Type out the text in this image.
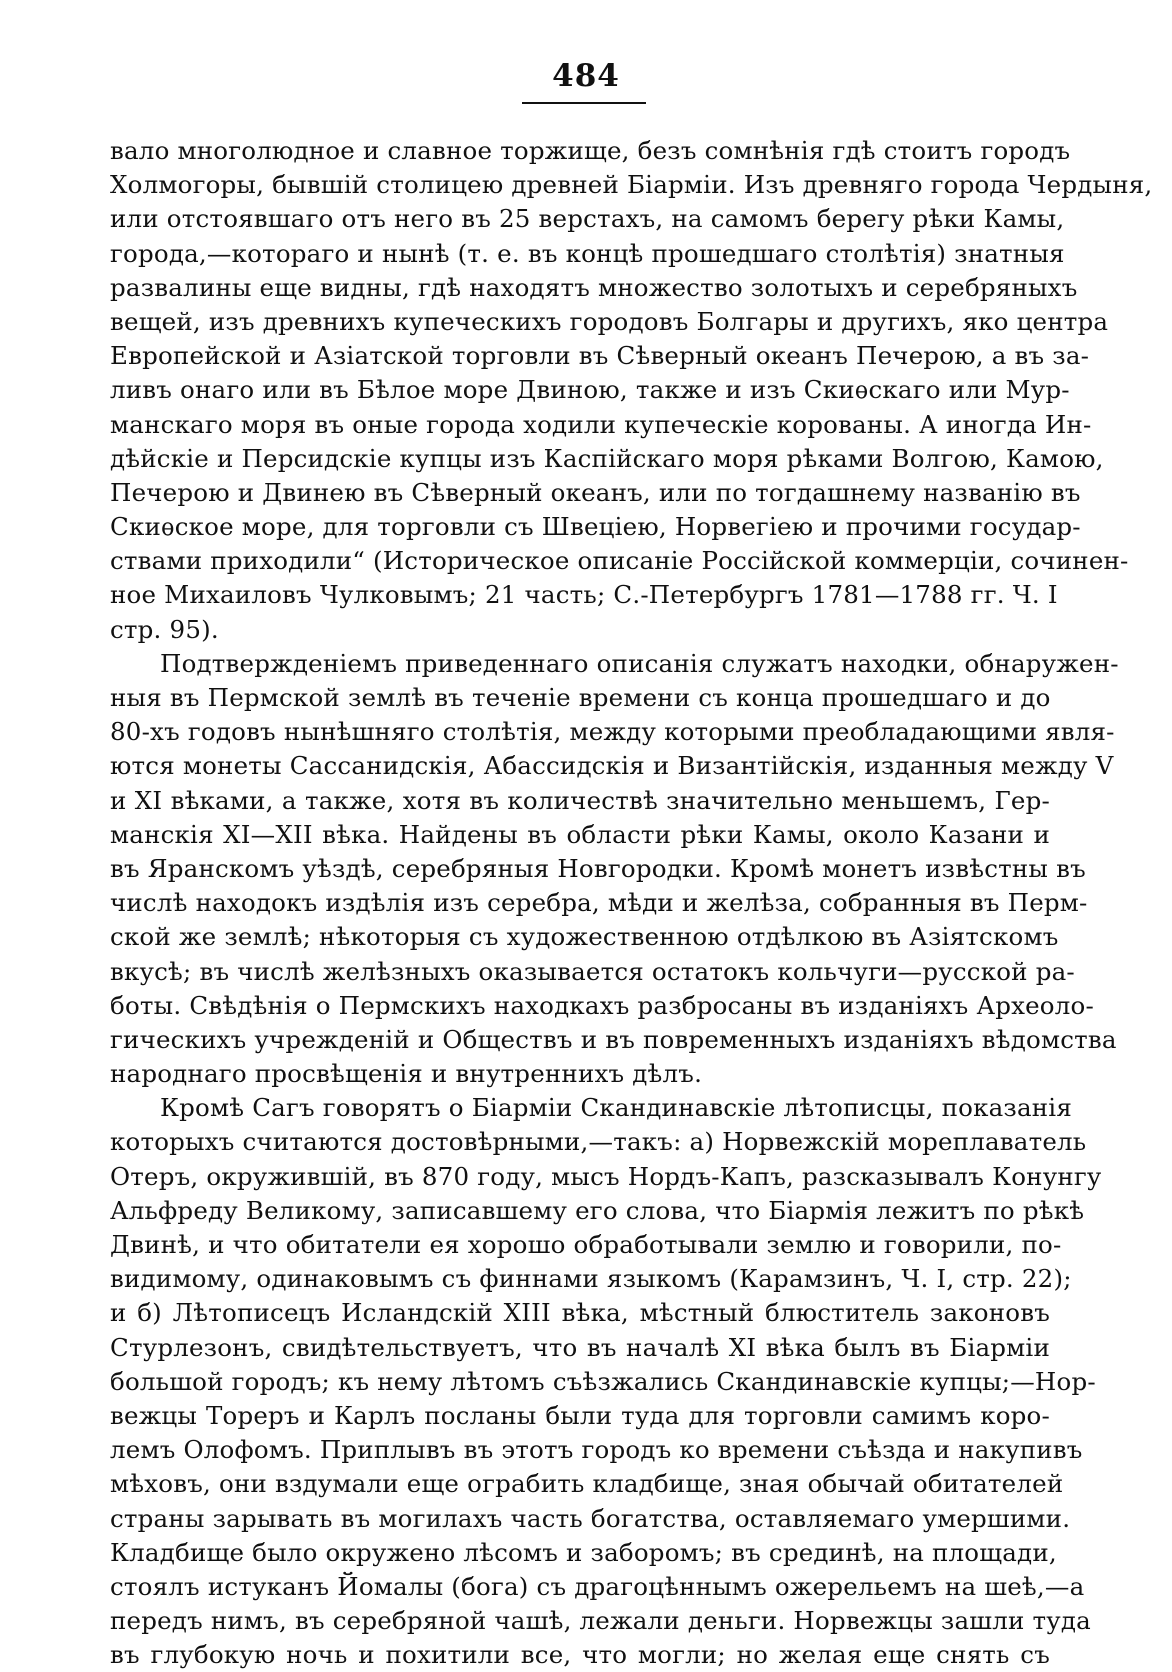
484
вало многолюдное и славное торжище, безъ сомнѣнія гдѣ стоитъ городъ
Холмогоры, бывшій столицею древней Біарміи. Изъ древняго города Чердыня,
или отстоявшаго отъ него въ 25 верстахъ, на самомъ берегу рѣки Камы,
города,—котораго и нынѣ (т. е. въ концѣ прошедшаго столѣтія) знатныя
развалины еще видны, гдѣ находятъ множество золотыхъ и серебряныхъ
вещей, изъ древнихъ купеческихъ городовъ Болгары и другихъ, яко центра
Европейской и Азіатской торговли въ Сѣверный океанъ Печерою, а въ за-
ливъ онаго или въ Бѣлое море Двиною, также и изъ Скиѳскаго или Мур-
манскаго моря въ оные города ходили купеческіе корованы. А иногда Ин-
дѣйскіе и Персидскіе купцы изъ Каспійскаго моря рѣками Волгою, Камою,
Печерою и Двинею въ Сѣверный океанъ, или по тогдашнему названію въ
Скиѳское море, для торговли съ Швеціею, Норвегіею и прочими государ-
ствами приходили“ (Историческое описаніе Россійской коммерціи, сочинен-
ное Михаиловъ Чулковымъ; 21 часть; С.-Петербургъ 1781—1788 гг. Ч. I
стр. 95).
Подтвержденіемъ приведеннаго описанія служатъ находки, обнаружен-
ныя въ Пермской землѣ въ теченіе времени съ конца прошедшаго и до
80-хъ годовъ нынѣшняго столѣтія, между которыми преобладающими явля-
ются монеты Сассанидскія, Абассидскія и Византійскія, изданныя между V
и XI вѣками, а также, хотя въ количествѣ значительно меньшемъ, Гер-
манскія XI—XII вѣка. Найдены въ области рѣки Камы, около Казани и
въ Яранскомъ уѣздѣ, серебряныя Новгородки. Кромѣ монетъ извѣстны въ
числѣ находокъ издѣлія изъ серебра, мѣди и желѣза, собранныя въ Перм-
ской же землѣ; нѣкоторыя съ художественною отдѣлкою въ Азіятскомъ
вкусѣ; въ числѣ желѣзныхъ оказывается остатокъ кольчуги—русской ра-
боты. Свѣдѣнія о Пермскихъ находкахъ разбросаны въ изданіяхъ Археоло-
гическихъ учрежденій и Обществъ и въ повременныхъ изданіяхъ вѣдомства
народнаго просвѣщенія и внутреннихъ дѣлъ.
Кромѣ Сагъ говорятъ о Біарміи Скандинавскіе лѣтописцы, показанія
которыхъ считаются достовѣрными,—такъ: а) Норвежскій мореплаватель
Отеръ, окружившій, въ 870 году, мысъ Нордъ-Капъ, разсказывалъ Конунгу
Альфреду Великому, записавшему его слова, что Біармія лежитъ по рѣкѣ
Двинѣ, и что обитатели ея хорошо обработывали землю и говорили, по-
видимому, одинаковымъ съ финнами языкомъ (Карамзинъ, Ч. I, стр. 22);
и б) Лѣтописецъ Исландскій XIII вѣка, мѣстный блюститель законовъ
Стурлезонъ, свидѣтельствуетъ, что въ началѣ XI вѣка былъ въ Біарміи
большой городъ; къ нему лѣтомъ съѣзжались Скандинавскіе купцы;—Нор-
вежцы Тореръ и Карлъ посланы были туда для торговли самимъ коро-
лемъ Олофомъ. Приплывъ въ этотъ городъ ко времени съѣзда и накупивъ
мѣховъ, они вздумали еще ограбить кладбище, зная обычай обитателей
страны зарывать въ могилахъ часть богатства, оставляемаго умершими.
Кладбище было окружено лѣсомъ и заборомъ; въ срединѣ, на площади,
стоялъ истуканъ Йомалы (бога) съ драгоцѣннымъ ожерельемъ на шеѣ,—а
передъ нимъ, въ серебряной чашѣ, лежали деньги. Норвежцы зашли туда
въ глубокую ночь и похитили все, что могли; но желая еще снять съ
